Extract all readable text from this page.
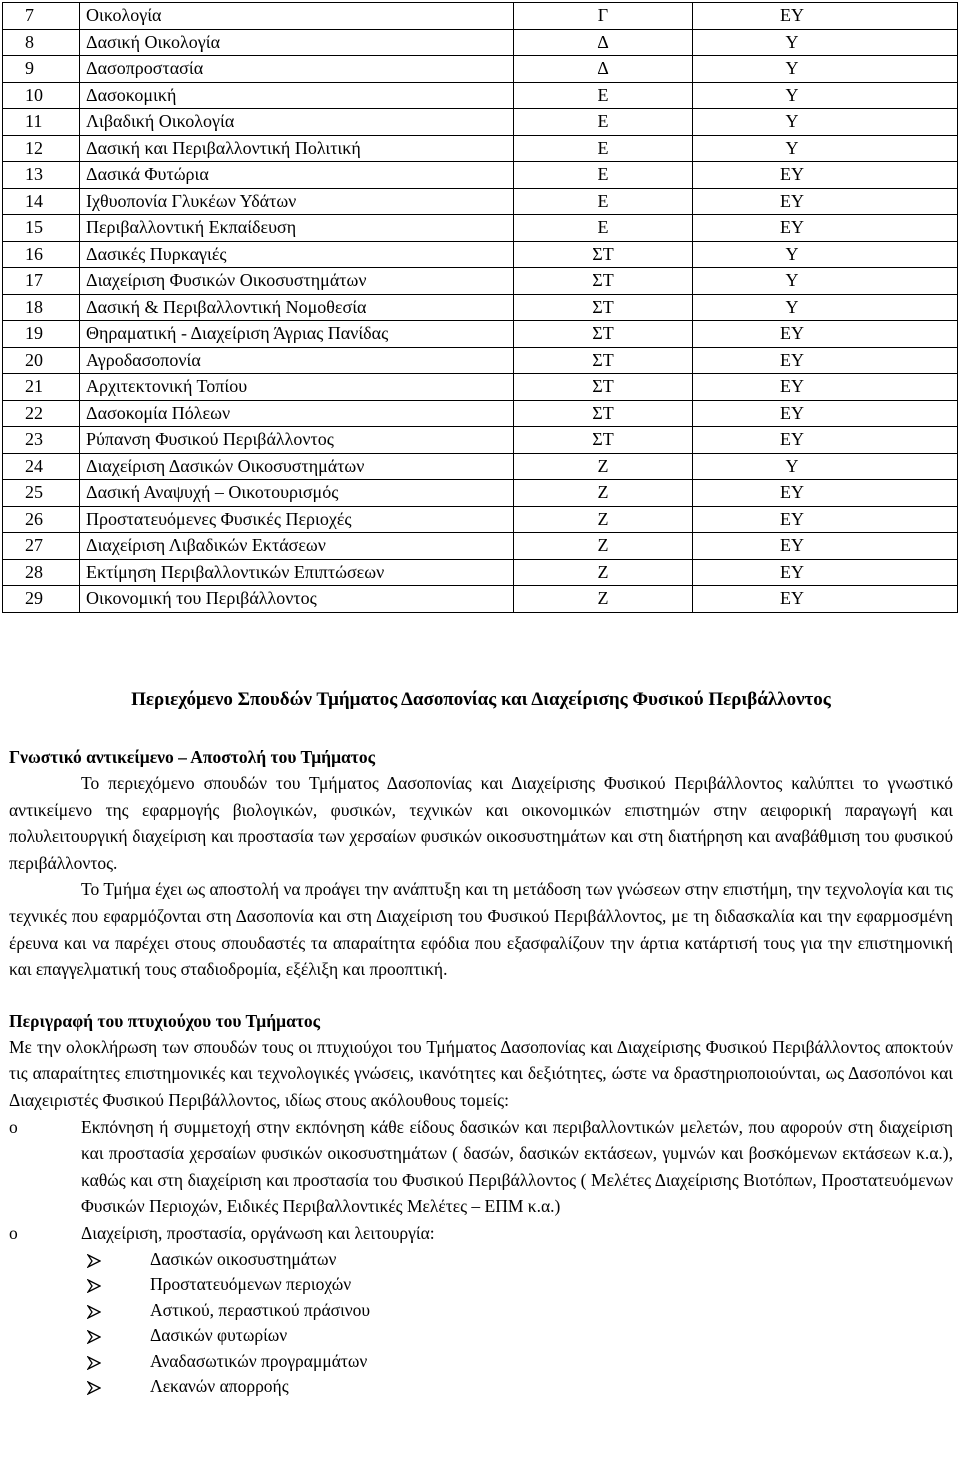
7	Οικολογία	Γ	ΕΥ
8	Δασική Οικολογία	Δ	Υ
9	Δασοπροστασία	Δ	Υ
10	Δασοκομική	Ε	Υ
11	Λιβαδική Οικολογία	Ε	Υ
12	Δασική και Περιβαλλοντική Πολιτική	Ε	Υ
13	Δασικά Φυτώρια	Ε	ΕΥ
14	Ιχθυοπονία Γλυκέων Υδάτων	Ε	ΕΥ
15	Περιβαλλοντική Εκπαίδευση	Ε	ΕΥ
16	Δασικές Πυρκαγιές	ΣΤ	Υ
17	Διαχείριση Φυσικών Οικοσυστημάτων	ΣΤ	Υ
18	Δασική & Περιβαλλοντική Νομοθεσία	ΣΤ	Υ
19	Θηραματική - Διαχείριση Άγριας Πανίδας	ΣΤ	ΕΥ
20	Αγροδασοπονία	ΣΤ	ΕΥ
21	Αρχιτεκτονική Τοπίου	ΣΤ	ΕΥ
22	Δασοκομία Πόλεων	ΣΤ	ΕΥ
23	Ρύπανση Φυσικού Περιβάλλοντος	ΣΤ	ΕΥ
24	Διαχείριση Δασικών Οικοσυστημάτων	Ζ	Υ
25	Δασική Αναψυχή – Οικοτουρισμός	Ζ	ΕΥ
26	Προστατευόμενες Φυσικές Περιοχές	Ζ	ΕΥ
27	Διαχείριση Λιβαδικών Εκτάσεων	Ζ	ΕΥ
28	Εκτίμηση Περιβαλλοντικών Επιπτώσεων	Ζ	ΕΥ
29	Οικονομική του Περιβάλλοντος	Ζ	ΕΥ
Περιεχόμενο Σπουδών Τμήματος Δασοπονίας και Διαχείρισης Φυσικού Περιβάλλοντος
Γνωστικό αντικείμενο – Αποστολή του Τμήματος

Το περιεχόμενο σπουδών του Τμήματος Δασοπονίας και Διαχείρισης Φυσικού Περιβάλλοντος καλύπτει το γνωστικό αντικείμενο της εφαρμογής βιολογικών, φυσικών, τεχνικών και οικονομικών επιστημών στην αειφορική παραγωγή και πολυλειτουργική διαχείριση και προστασία των χερσαίων φυσικών οικοσυστημάτων και στη διατήρηση και αναβάθμιση του φυσικού περιβάλλοντος.

Το Τμήμα έχει ως αποστολή να προάγει την ανάπτυξη και τη μετάδοση των γνώσεων στην επιστήμη, την τεχνολογία και τις τεχνικές που εφαρμόζονται στη Δασοπονία και στη Διαχείριση του Φυσικού Περιβάλλοντος, με τη διδασκαλία και την εφαρμοσμένη έρευνα και να παρέχει στους σπουδαστές τα απαραίτητα εφόδια που εξασφαλίζουν την άρτια κατάρτισή τους για την επιστημονική και επαγγελματική τους σταδιοδρομία, εξέλιξη και προοπτική.

Περιγραφή του πτυχιούχου του Τμήματος

Με την ολοκλήρωση των σπουδών τους οι πτυχιούχοι του Τμήματος Δασοπονίας και Διαχείρισης Φυσικού Περιβάλλοντος αποκτούν τις απαραίτητες επιστημονικές και τεχνολογικές γνώσεις, ικανότητες και δεξιότητες, ώστε να δραστηριοποιούνται, ως Δασοπόνοι και Διαχειριστές Φυσικού Περιβάλλοντος, ιδίως στους ακόλουθους τομείς:

o	Εκπόνηση ή συμμετοχή στην εκπόνηση κάθε είδους δασικών και περιβαλλοντικών μελετών, που αφορούν στη διαχείριση και προστασία χερσαίων φυσικών οικοσυστημάτων ( δασών, δασικών εκτάσεων, γυμνών και βοσκόμενων εκτάσεων κ.α.), καθώς και στη διαχείριση και προστασία του Φυσικού Περιβάλλοντος ( Μελέτες Διαχείρισης Βιοτόπων, Προστατευόμενων Φυσικών Περιοχών, Ειδικές Περιβαλλοντικές Μελέτες – ΕΠΜ κ.α.)
o	Διαχείριση, προστασία, οργάνωση και λειτουργία:
Δασικών οικοσυστημάτων
Προστατευόμενων περιοχών
Αστικού, περαστικού πράσινου
Δασικών φυτωρίων
Αναδασωτικών προγραμμάτων
Λεκανών απορροής
